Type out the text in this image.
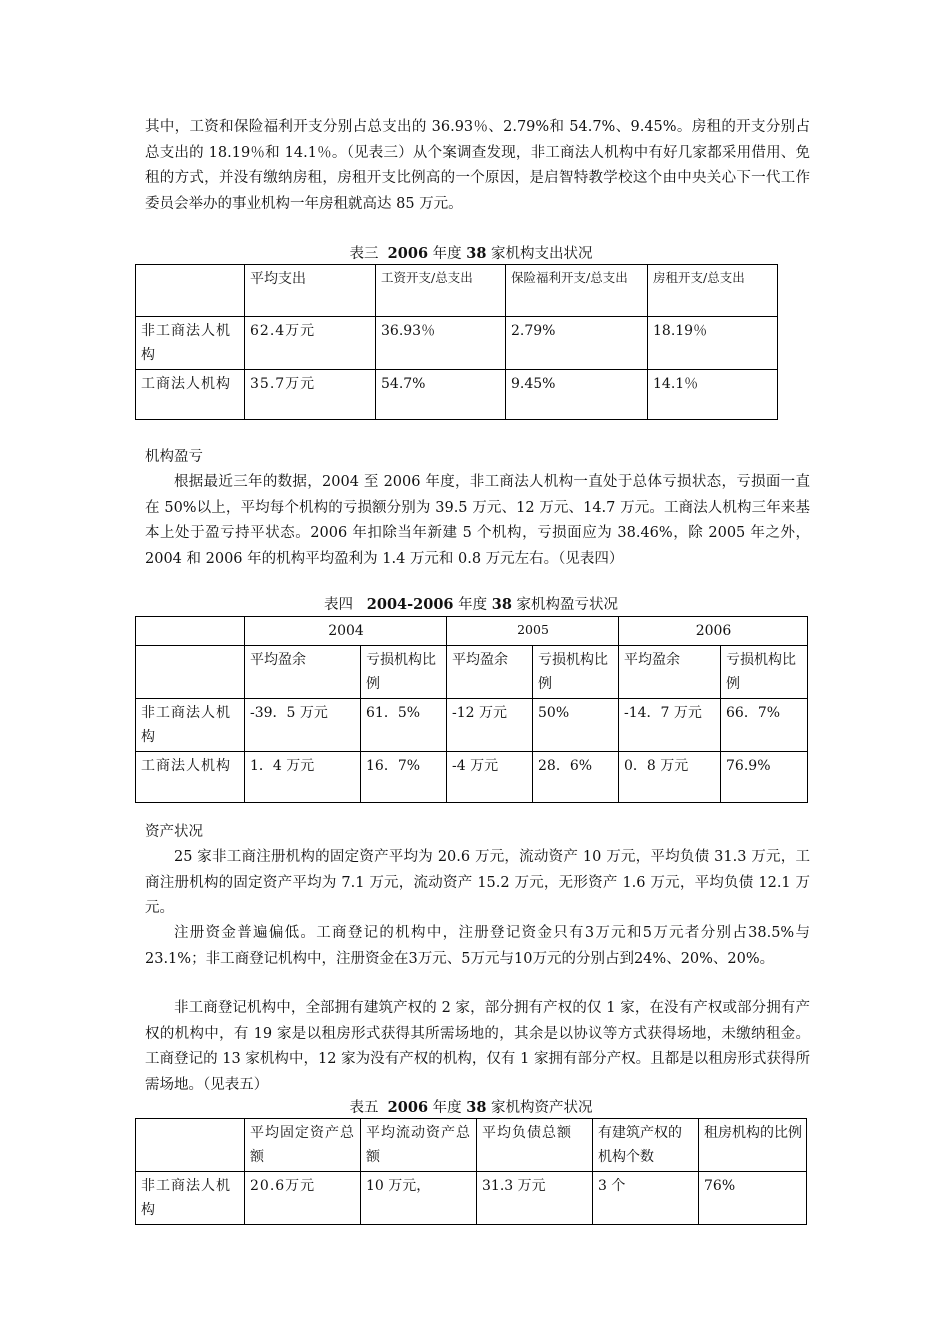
其中，工资和保险福利开支分别占总支出的 36.93％、2.79%和 54.7%、9.45%。房租的开支分别占总支出的 18.19％和 14.1％。（见表三）从个案调查发现，非工商法人机构中有好几家都采用借用、免租的方式，并没有缴纳房租，房租开支比例高的一个原因，是启智特教学校这个由中央关心下一代工作委员会举办的事业机构一年房租就高达 85 万元。

表三 2006 年度 38 家机构支出状况

	平均支出	工资开支/总支出	保险福利开支/总支出	房租开支/总支出
非工商法人机构	62.4万元	36.93％	2.79%	18.19％
工商法人机构	35.7万元	54.7%	9.45%	14.1％

机构盈亏

根据最近三年的数据，2004 至 2006 年度，非工商法人机构一直处于总体亏损状态，亏损面一直在 50%以上，平均每个机构的亏损额分别为 39.5 万元、12 万元、14.7 万元。工商法人机构三年来基本上处于盈亏持平状态。2006 年扣除当年新建 5 个机构，亏损面应为 38.46%，除 2005 年之外，2004 和 2006 年的机构平均盈利为 1.4 万元和 0.8 万元左右。（见表四）

表四 2004-2006 年度 38 家机构盈亏状况

	2004		2005		2006	
	平均盈余	亏损机构比例	平均盈余	亏损机构比例	平均盈余	亏损机构比例
非工商法人机构	-39．5 万元	61．5%	-12 万元	50%	-14．7 万元	66．7%
工商法人机构	1．4 万元	16．7%	-4 万元	28．6%	0．8 万元	76.9%

资产状况

25 家非工商注册机构的固定资产平均为 20.6 万元，流动资产 10 万元，平均负债 31.3 万元，工商注册机构的固定资产平均为 7.1 万元，流动资产 15.2 万元，无形资产 1.6 万元，平均负债 12.1 万元。

注册资金普遍偏低。工商登记的机构中，注册登记资金只有3万元和5万元者分别占38.5%与23.1%；非工商登记机构中，注册资金在3万元、5万元与10万元的分别占到24%、20%、20%。

非工商登记机构中，全部拥有建筑产权的 2 家，部分拥有产权的仅 1 家，在没有产权或部分拥有产权的机构中，有 19 家是以租房形式获得其所需场地的，其余是以协议等方式获得场地，未缴纳租金。工商登记的 13 家机构中，12 家为没有产权的机构，仅有 1 家拥有部分产权。且都是以租房形式获得所需场地。（见表五）

表五 2006 年度 38 家机构资产状况

	平均固定资产总额	平均流动资产总额	平均负债总额	有建筑产权的机构个数	租房机构的比例
非工商法人机构	20.6万元	10 万元，	31.3 万元	3 个	76%
